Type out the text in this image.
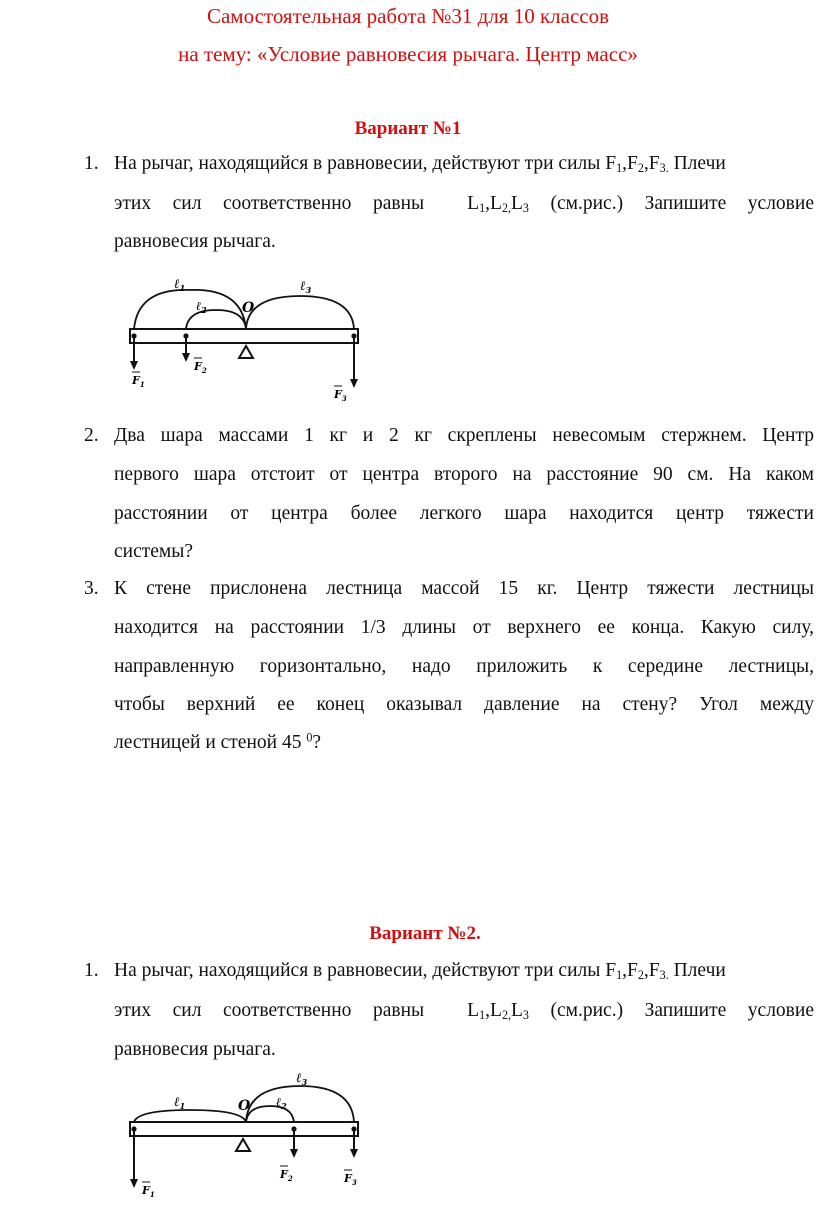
Самостоятельная работа №31 для 10 классов
на тему: «Условие равновесия рычага. Центр масс»
Вариант №1
1. На рычаг, находящийся в равновесии, действуют три силы $F_1,F_2,F_{3.}$ Плечи
этих  сил  соответственно  равны    $L_1,L_{2,}L_3$  (см.рис.)  Запишите  условие
равновесия рычага.
ℓ$_1$
ℓ$_2$
ℓ$_3$
O
$F_1$
$F_2$
$F_3$
2. Два шара массами 1 кг и 2 кг скреплены невесомым стержнем. Центр
первого шара отстоит от центра второго на расстояние 90 см. На каком
расстоянии от центра более легкого шара находится центр тяжести
системы?
3. К стене прислонена лестница массой 15 кг. Центр тяжести лестницы
находится на расстоянии 1/3 длины от верхнего ее конца. Какую силу,
направленную горизонтально, надо приложить к середине лестницы,
чтобы верхний ее конец оказывал давление на стену? Угол между
лестницей и стеной 45 $^0$?
Вариант №2.
1. На рычаг, находящийся в равновесии, действуют три силы $F_1,F_2,F_{3.}$ Плечи
этих  сил  соответственно  равны    $L_1,L_{2,}L_3$  (см.рис.)  Запишите  условие
равновесия рычага.
ℓ$_1$	ℓ$_2$
ℓ$_3$
O
$F_1$
$F_2$	$F_3$
